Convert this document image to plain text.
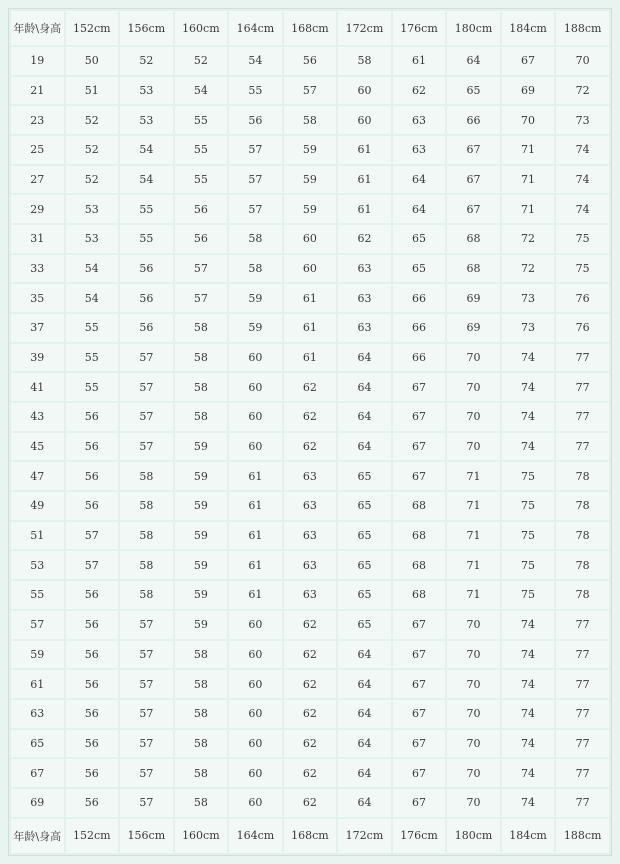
年龄\身高	152cm	156cm	160cm	164cm	168cm	172cm	176cm	180cm	184cm	188cm
19	50	52	52	54	56	58	61	64	67	70
21	51	53	54	55	57	60	62	65	69	72
23	52	53	55	56	58	60	63	66	70	73
25	52	54	55	57	59	61	63	67	71	74
27	52	54	55	57	59	61	64	67	71	74
29	53	55	56	57	59	61	64	67	71	74
31	53	55	56	58	60	62	65	68	72	75
33	54	56	57	58	60	63	65	68	72	75
35	54	56	57	59	61	63	66	69	73	76
37	55	56	58	59	61	63	66	69	73	76
39	55	57	58	60	61	64	66	70	74	77
41	55	57	58	60	62	64	67	70	74	77
43	56	57	58	60	62	64	67	70	74	77
45	56	57	59	60	62	64	67	70	74	77
47	56	58	59	61	63	65	67	71	75	78
49	56	58	59	61	63	65	68	71	75	78
51	57	58	59	61	63	65	68	71	75	78
53	57	58	59	61	63	65	68	71	75	78
55	56	58	59	61	63	65	68	71	75	78
57	56	57	59	60	62	65	67	70	74	77
59	56	57	58	60	62	64	67	70	74	77
61	56	57	58	60	62	64	67	70	74	77
63	56	57	58	60	62	64	67	70	74	77
65	56	57	58	60	62	64	67	70	74	77
67	56	57	58	60	62	64	67	70	74	77
69	56	57	58	60	62	64	67	70	74	77
年龄\身高	152cm	156cm	160cm	164cm	168cm	172cm	176cm	180cm	184cm	188cm
